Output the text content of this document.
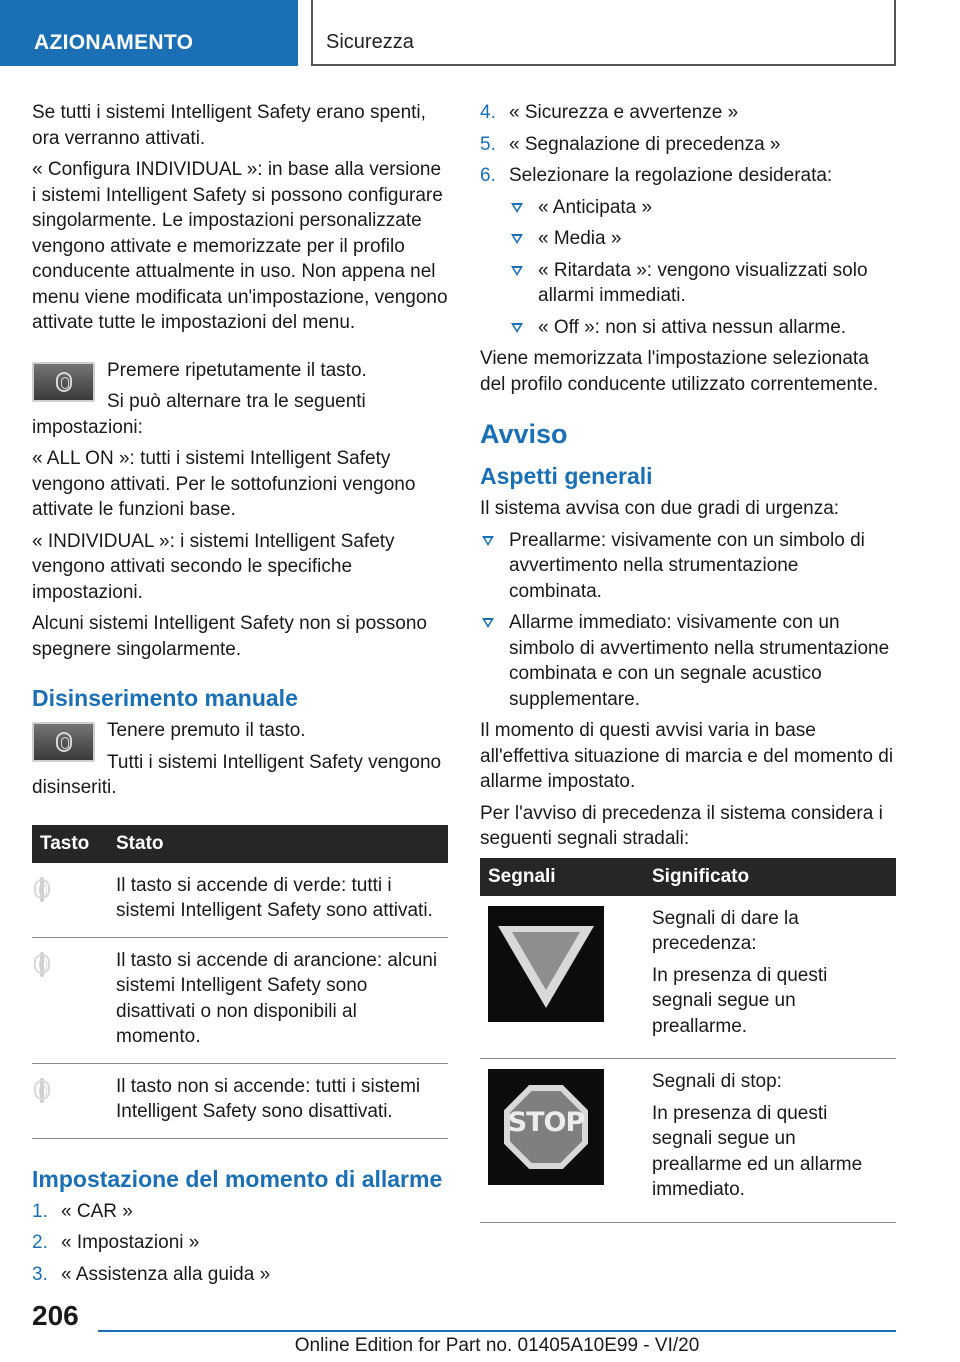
AZIONAMENTO	Sicurezza

Se tutti i sistemi Intelligent Safety erano spenti, ora verranno attivati.

« Configura INDIVIDUAL »: in base alla versione i sistemi Intelligent Safety si possono configurare singolarmente. Le impostazioni personalizzate vengono attivate e memorizzate per il profilo conducente attualmente in uso. Non appena nel menu viene modificata un'impostazione, vengono attivate tutte le impostazioni del menu.

Premere ripetutamente il tasto.

Si può alternare tra le seguenti impostazioni:

« ALL ON »: tutti i sistemi Intelligent Safety vengono attivati. Per le sottofunzioni vengono attivate le funzioni base.

« INDIVIDUAL »: i sistemi Intelligent Safety vengono attivati secondo le specifiche impostazioni.

Alcuni sistemi Intelligent Safety non si possono spegnere singolarmente.

Disinserimento manuale

Tenere premuto il tasto.

Tutti i sistemi Intelligent Safety vengono disinseriti.

Tasto	Stato

	Il tasto si accende di verde: tutti i sistemi Intelligent Safety sono attivati.

	Il tasto si accende di arancione: alcuni sistemi Intelligent Safety sono disattivati o non disponibili al momento.

	Il tasto non si accende: tutti i sistemi Intelligent Safety sono disattivati.
Impostazione del momento di allarme
1. « CAR »
2. « Impostazioni »
3. « Assistenza alla guida »
4. « Sicurezza e avvertenze »
5. « Segnalazione di precedenza »
6. Selezionare la regolazione desiderata:
« Anticipata »
« Media »
« Ritardata »: vengono visualizzati solo allarmi immediati.
« Off »: non si attiva nessun allarme.

Viene memorizzata l'impostazione selezionata del profilo conducente utilizzato correntemente.

Avviso
Aspetti generali

Il sistema avvisa con due gradi di urgenza:

Preallarme: visivamente con un simbolo di avvertimento nella strumentazione combinata.
Allarme immediato: visivamente con un simbolo di avvertimento nella strumentazione combinata e con un segnale acustico supplementare.

Il momento di questi avvisi varia in base all'effettiva situazione di marcia e del momento di allarme impostato.

Per l'avviso di precedenza il sistema considera i seguenti segnali stradali:

Segnali	Significato

	Segnali di dare la precedenza:

In presenza di questi segnali segue un preallarme.

STOP	Segnali di stop:

In presenza di questi segnali segue un preallarme ed un allarme immediato.

206
Online Edition for Part no. 01405A10E99 - VI/20
